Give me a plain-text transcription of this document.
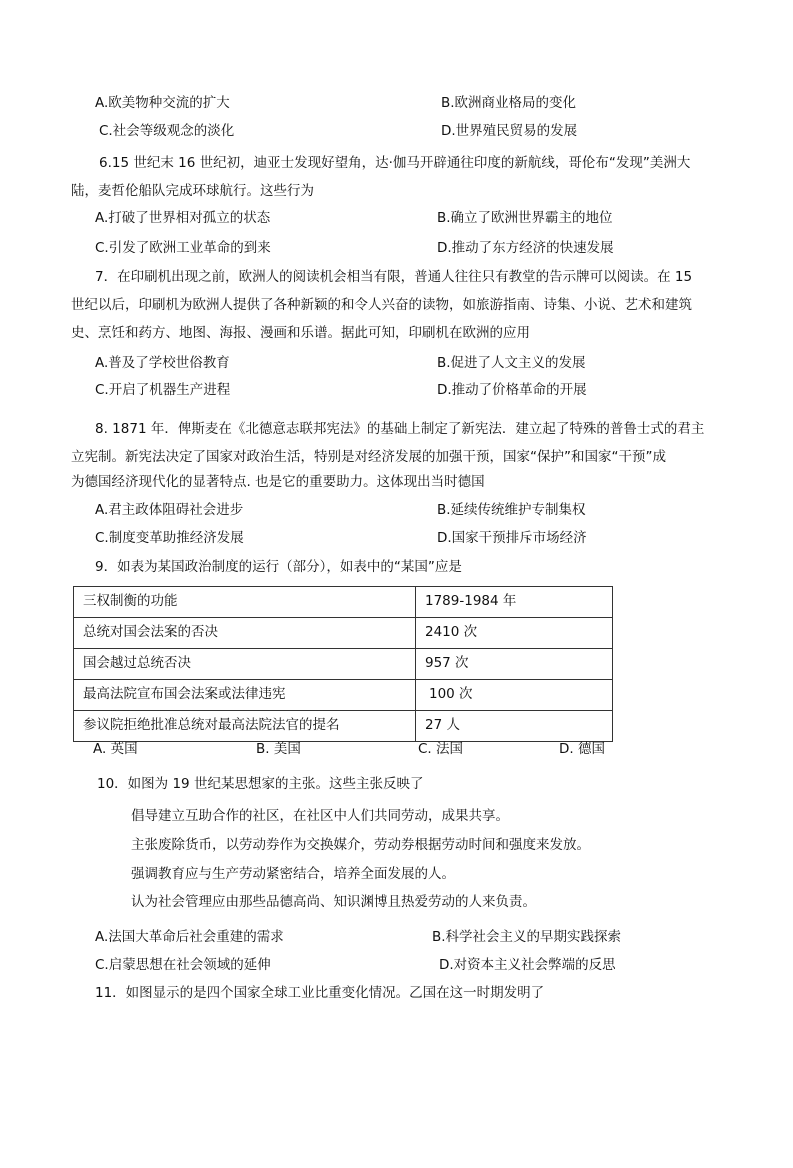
A.欧美物种交流的扩大	B.欧洲商业格局的变化
C.社会等级观念的淡化	D.世界殖民贸易的发展
6.15 世纪末 16 世纪初，迪亚士发现好望角，达·伽马开辟通往印度的新航线，哥伦布“发现”美洲大
陆，麦哲伦船队完成环球航行。这些行为
A.打破了世界相对孤立的状态	B.确立了欧洲世界霸主的地位
C.引发了欧洲工业革命的到来	D.推动了东方经济的快速发展
7．在印刷机出现之前，欧洲人的阅读机会相当有限，普通人往往只有教堂的告示牌可以阅读。在 15
世纪以后，印刷机为欧洲人提供了各种新颖的和令人兴奋的读物，如旅游指南、诗集、小说、艺术和建筑
史、烹饪和药方、地图、海报、漫画和乐谱。据此可知，印刷机在欧洲的应用
A.普及了学校世俗教育	B.促进了人文主义的发展
C.开启了机器生产进程	D.推动了价格革命的开展
8. 1871 年．俾斯麦在《北德意志联邦宪法》的基础上制定了新宪法．建立起了特殊的普鲁士式的君主
立宪制。新宪法决定了国家对政治生活，特别是对经济发展的加强干预，国家“保护”和国家“干预”成
为德国经济现代化的显著特点. 也是它的重要助力。这体现出当时德国
A.君主政体阻碍社会进步	B.延续传统维护专制集权
C.制度变革助推经济发展	D.国家干预排斥市场经济
9．如表为某国政治制度的运行（部分），如表中的“某国”应是
三权制衡的功能	1789-1984 年
总统对国会法案的否决	2410 次
国会越过总统否决	957 次
最高法院宣布国会法案或法律违宪	100 次
参议院拒绝批准总统对最高法院法官的提名	27 人
A. 英国	B. 美国	C. 法国	D. 德国
10．如图为 19 世纪某思想家的主张。这些主张反映了
倡导建立互助合作的社区，在社区中人们共同劳动，成果共享。
主张废除货币，以劳动券作为交换媒介，劳动券根据劳动时间和强度来发放。
强调教育应与生产劳动紧密结合，培养全面发展的人。
认为社会管理应由那些品德高尚、知识渊博且热爱劳动的人来负责。
A.法国大革命后社会重建的需求	B.科学社会主义的早期实践探索
C.启蒙思想在社会领域的延伸	D.对资本主义社会弊端的反思
11．如图显示的是四个国家全球工业比重变化情况。乙国在这一时期发明了
